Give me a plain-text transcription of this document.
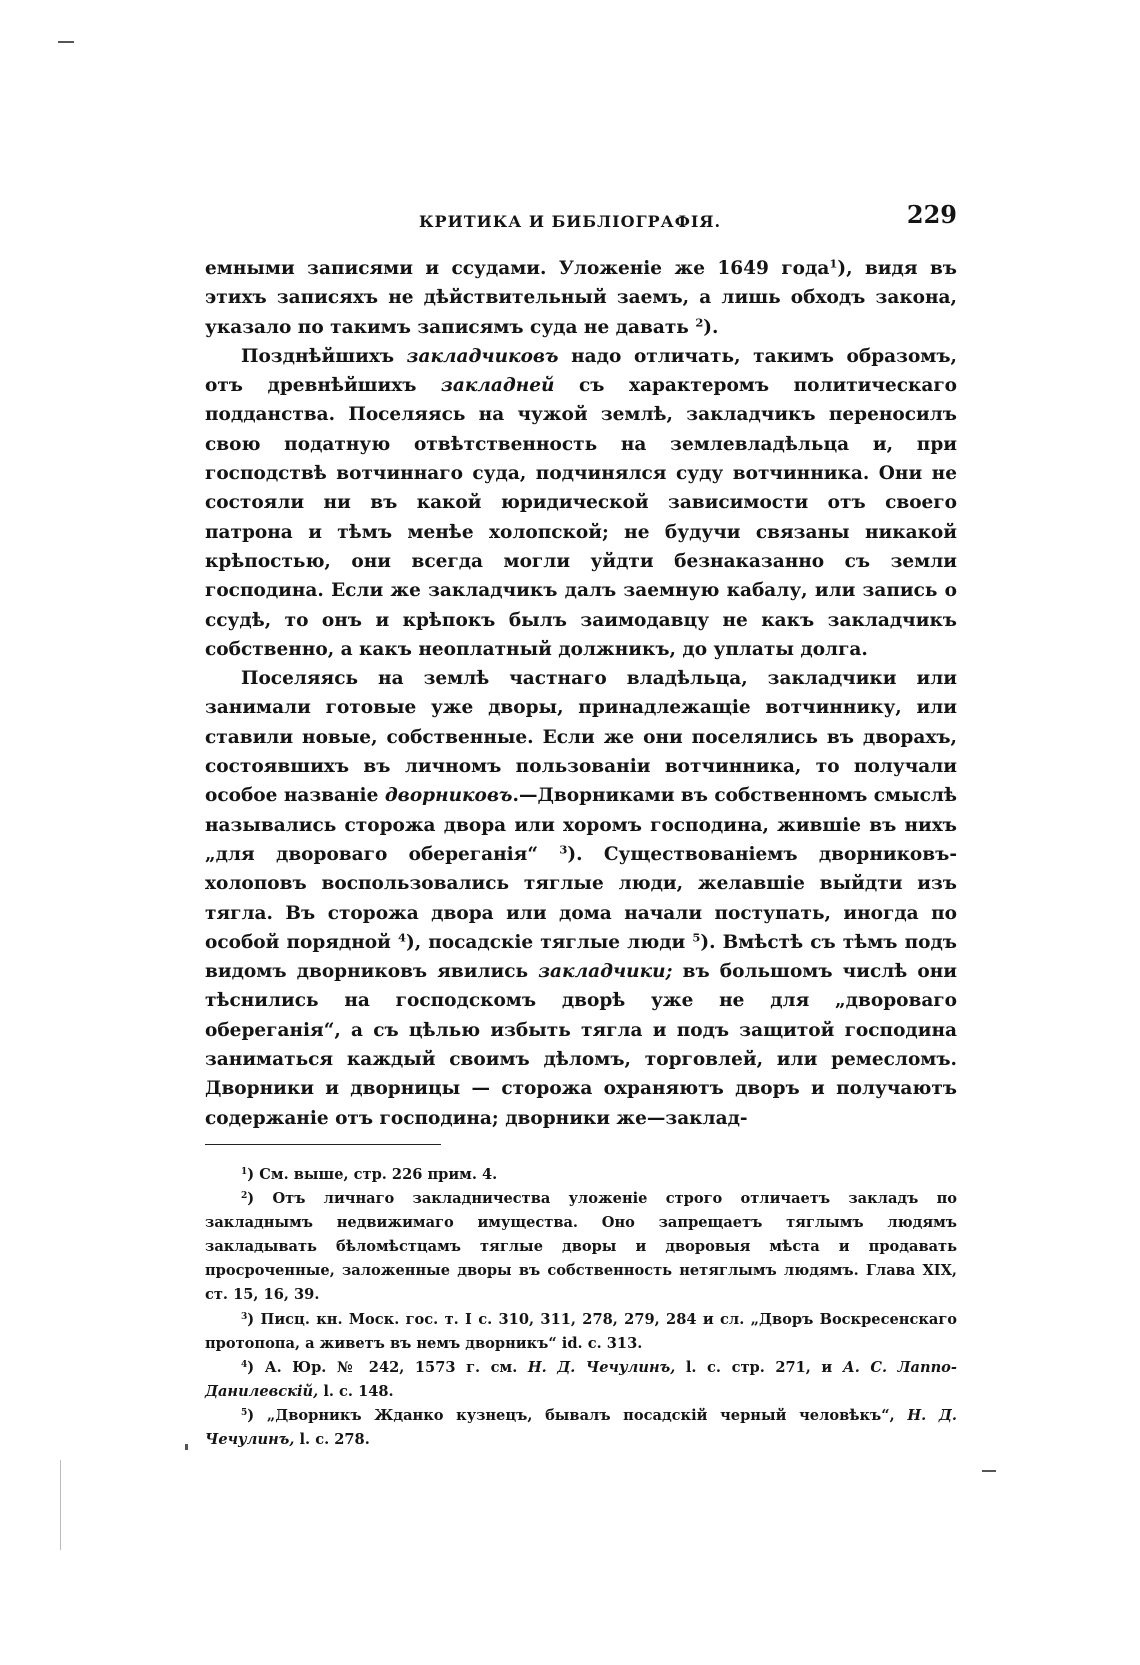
КРИТИКА И БИБЛІОГРАФІЯ.	229

емными записями и ссудами. Уложеніе же 1649 года$^1$), видя въ этихъ записяхъ не дѣйствительный заемъ, а лишь обходъ закона, указало по такимъ записямъ суда не давать $^2$).

Позднѣйшихъ закладчиковъ надо отличать, такимъ образомъ, отъ древнѣйшихъ закладней съ характеромъ политическаго подданства. Поселяясь на чужой землѣ, закладчикъ переносилъ свою податную отвѣтственность на землевладѣльца и, при господствѣ вотчиннаго суда, подчинялся суду вотчинника. Они не состояли ни въ какой юридической зависимости отъ своего патрона и тѣмъ менѣе холопской; не будучи связаны никакой крѣпостью, они всегда могли уйдти безнаказанно съ земли господина. Если же закладчикъ далъ заемную кабалу, или запись о ссудѣ, то онъ и крѣпокъ былъ заимодавцу не какъ закладчикъ собственно, а какъ неоплатный должникъ, до уплаты долга.

Поселяясь на землѣ частнаго владѣльца, закладчики или занимали готовые уже дворы, принадлежащіе вотчиннику, или ставили новые, собственные. Если же они поселялись въ дворахъ, состоявшихъ въ личномъ пользованіи вотчинника, то получали особое названіе дворниковъ.—Дворниками въ собственномъ смыслѣ назывались сторожа двора или хоромъ господина, жившіе въ нихъ „для двороваго обереганія“ $^3$). Существованіемъ дворниковъ-холоповъ воспользовались тяглые люди, желавшіе выйдти изъ тягла. Въ сторожа двора или дома начали поступать, иногда по особой порядной $^4$), посадскіе тяглые люди $^5$). Вмѣстѣ съ тѣмъ подъ видомъ дворниковъ явились закладчики; въ большомъ числѣ они тѣснились на господскомъ дворѣ уже не для „двороваго обереганія“, а съ цѣлью избыть тягла и подъ защитой господина заниматься каждый своимъ дѣломъ, торговлей, или ремесломъ. Дворники и дворницы — сторожа охраняютъ дворъ и получаютъ содержаніе отъ господина; дворники же—заклад-

$^1$) См. выше, стр. 226 прим. 4.

$^2$) Отъ личнаго закладничества уложеніе строго отличаетъ закладъ по закладнымъ недвижимаго имущества. Оно запрещаетъ тяглымъ людямъ закладывать бѣломѣстцамъ тяглые дворы и дворовыя мѣста и продавать просроченные, заложенные дворы въ собственность нетяглымъ людямъ. Глава XIX, ст. 15, 16, 39.

$^3$) Писц. кн. Моск. гос. т. I с. 310, 311, 278, 279, 284 и сл. „Дворъ Воскресенскаго протопопа, а живетъ въ немъ дворникъ“ id. с. 313.

$^4$) А. Юр. № 242, 1573 г. см. Н. Д. Чечулинъ, l. c. стр. 271, и А. С. Лаппо-Данилевскій, l. c. 148.

$^5$) „Дворникъ Жданко кузнецъ, бывалъ посадскій черный человѣкъ“, Н. Д. Чечулинъ, l. c. 278.
